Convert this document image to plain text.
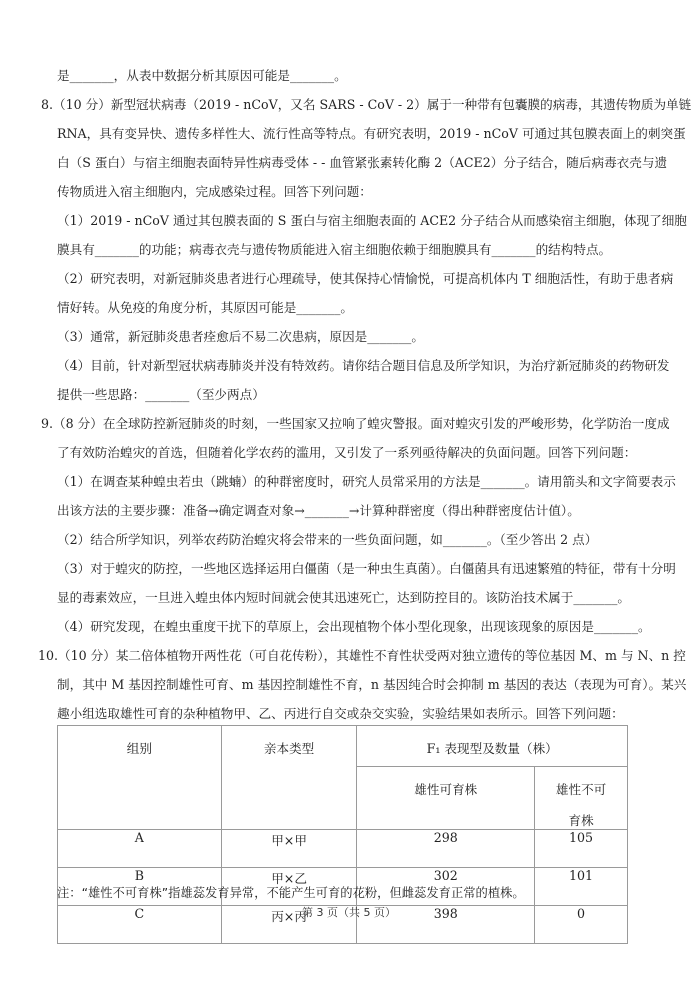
是_______，从表中数据分析其原因可能是_______。
8.（10 分）新型冠状病毒（2019 ‑ nCoV，又名 SARS ‑ CoV ‑ 2）属于一种带有包囊膜的病毒，其遗传物质为单链
RNA，具有变异快、遗传多样性大、流行性高等特点。有研究表明，2019 ‑ nCoV 可通过其包膜表面上的刺突蛋
白（S 蛋白）与宿主细胞表面特异性病毒受体 ‑ ‑ 血管紧张素转化酶 2（ACE2）分子结合，随后病毒衣壳与遗
传物质进入宿主细胞内，完成感染过程。回答下列问题：
（1）2019 ‑ nCoV 通过其包膜表面的 S 蛋白与宿主细胞表面的 ACE2 分子结合从而感染宿主细胞，体现了细胞
膜具有_______的功能；病毒衣壳与遗传物质能进入宿主细胞依赖于细胞膜具有_______的结构特点。
（2）研究表明，对新冠肺炎患者进行心理疏导，使其保持心情愉悦，可提高机体内 T 细胞活性，有助于患者病
情好转。从免疫的角度分析，其原因可能是_______。
（3）通常，新冠肺炎患者痊愈后不易二次患病，原因是_______。
（4）目前，针对新型冠状病毒肺炎并没有特效药。请你结合题目信息及所学知识，为治疗新冠肺炎的药物研发
提供一些思路：_______（至少两点）
9.（8 分）在全球防控新冠肺炎的时刻，一些国家又拉响了蝗灾警报。面对蝗灾引发的严峻形势，化学防治一度成
了有效防治蝗灾的首选，但随着化学农药的滥用，又引发了一系列亟待解决的负面问题。回答下列问题：
（1）在调查某种蝗虫若虫（跳蝻）的种群密度时，研究人员常采用的方法是_______。请用箭头和文字简要表示
出该方法的主要步骤：准备→确定调查对象→_______→计算种群密度（得出种群密度估计值）。
（2）结合所学知识，列举农药防治蝗灾将会带来的一些负面问题，如_______。（至少答出 2 点）
（3）对于蝗灾的防控，一些地区选择运用白僵菌（是一种虫生真菌）。白僵菌具有迅速繁殖的特征，带有十分明
显的毒素效应，一旦进入蝗虫体内短时间就会使其迅速死亡，达到防控目的。该防治技术属于_______。
（4）研究发现，在蝗虫重度干扰下的草原上，会出现植物个体小型化现象，出现该现象的原因是_______。
10.（10 分）某二倍体植物开两性花（可自花传粉），其雄性不育性状受两对独立遗传的等位基因 M、m 与 N、n 控
制，其中 M 基因控制雄性可育、m 基因控制雄性不育，n 基因纯合时会抑制 m 基因的表达（表现为可育）。某兴
趣小组选取雄性可育的杂种植物甲、乙、丙进行自交或杂交实验，实验结果如表所示。回答下列问题：
组别	亲本类型	F₁ 表现型及数量（株）	

		雄性可育株	雄性不可
育株

A	甲×甲	298	105
B	甲×乙	302	101
C	丙×丙	398	0
注：“雄性不可育株”指雄蕊发育异常，不能产生可育的花粉，但雌蕊发育正常的植株。
第 3 页（共 5 页）
